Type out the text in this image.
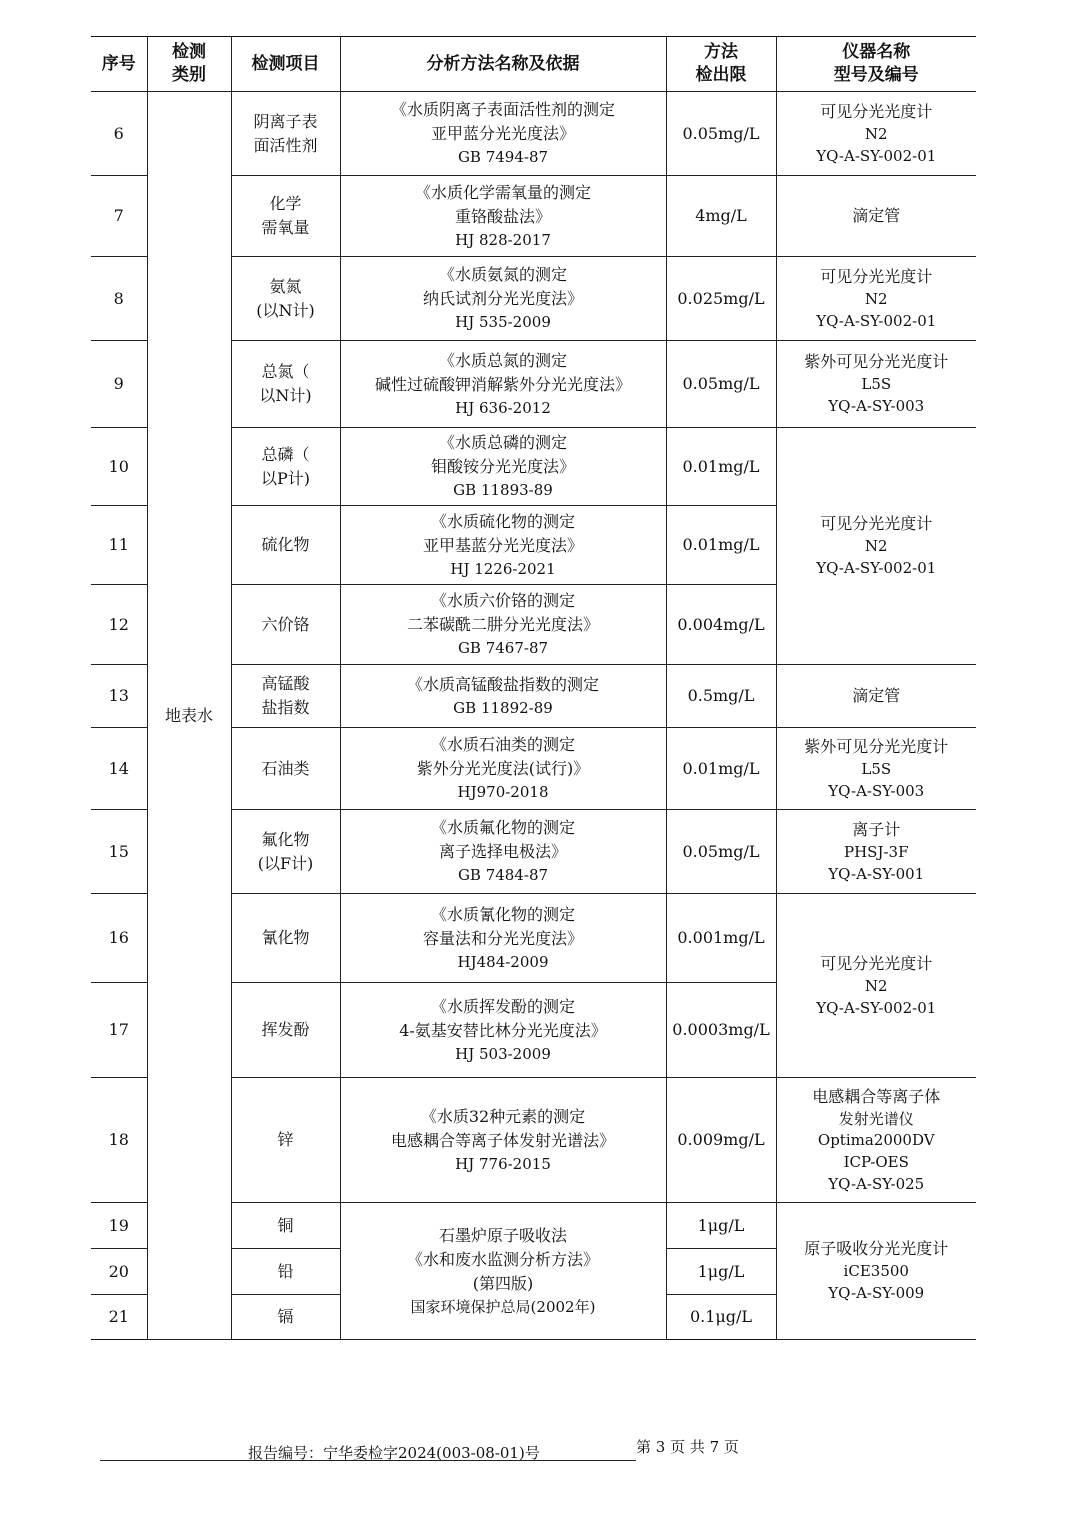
序号	检测
类别	检测项目	分析方法名称及依据	方法
检出限	仪器名称
型号及编号

6	地表水	阴离子表
面活性剂	《水质阴离子表面活性剂的测定
亚甲蓝分光光度法》
GB 7494-87	0.05mg/L	可见分光光度计
N2
YQ-A-SY-002-01

7		化学
需氧量	《水质化学需氧量的测定
重铬酸盐法》
HJ 828-2017	4mg/L	滴定管

8		氨氮
(以N计)	《水质氨氮的测定
纳氏试剂分光光度法》
HJ 535-2009	0.025mg/L	可见分光光度计
N2
YQ-A-SY-002-01

9		总氮（
以N计)	《水质总氮的测定
碱性过硫酸钾消解紫外分光光度法》
HJ 636-2012	0.05mg/L	紫外可见分光光度计
L5S
YQ-A-SY-003

10		总磷（
以P计)	《水质总磷的测定
钼酸铵分光光度法》
GB 11893-89	0.01mg/L	可见分光光度计
N2
YQ-A-SY-002-01

11		硫化物	《水质硫化物的测定
亚甲基蓝分光光度法》
HJ 1226-2021	0.01mg/L	
12		六价铬	《水质六价铬的测定
二苯碳酰二肼分光光度法》
GB 7467-87	0.004mg/L	
13		高锰酸
盐指数	《水质高锰酸盐指数的测定
GB 11892-89	0.5mg/L	滴定管

14		石油类	《水质石油类的测定
紫外分光光度法(试行)》
HJ970-2018	0.01mg/L	紫外可见分光光度计
L5S
YQ-A-SY-003

15		氟化物
(以F计)	《水质氟化物的测定
离子选择电极法》
GB 7484-87	0.05mg/L	离子计
PHSJ-3F
YQ-A-SY-001

16		氰化物	《水质氰化物的测定
容量法和分光光度法》
HJ484-2009	0.001mg/L	可见分光光度计
N2
YQ-A-SY-002-01

17		挥发酚	《水质挥发酚的测定
4-氨基安替比林分光光度法》
HJ 503-2009	0.0003mg/L	
18		锌	《水质32种元素的测定
电感耦合等离子体发射光谱法》
HJ 776-2015	0.009mg/L	电感耦合等离子体
发射光谱仪
Optima2000DV
ICP-OES
YQ-A-SY-025

19		铜	石墨炉原子吸收法
《水和废水监测分析方法》
(第四版)
国家环境保护总局(2002年)	1μg/L	原子吸收分光光度计
iCE3500
YQ-A-SY-009

20		铅		1μg/L	
21		镉		0.1μg/L	
报告编号：宁华委检字2024(003-08-01)号	第 3 页 共 7 页
